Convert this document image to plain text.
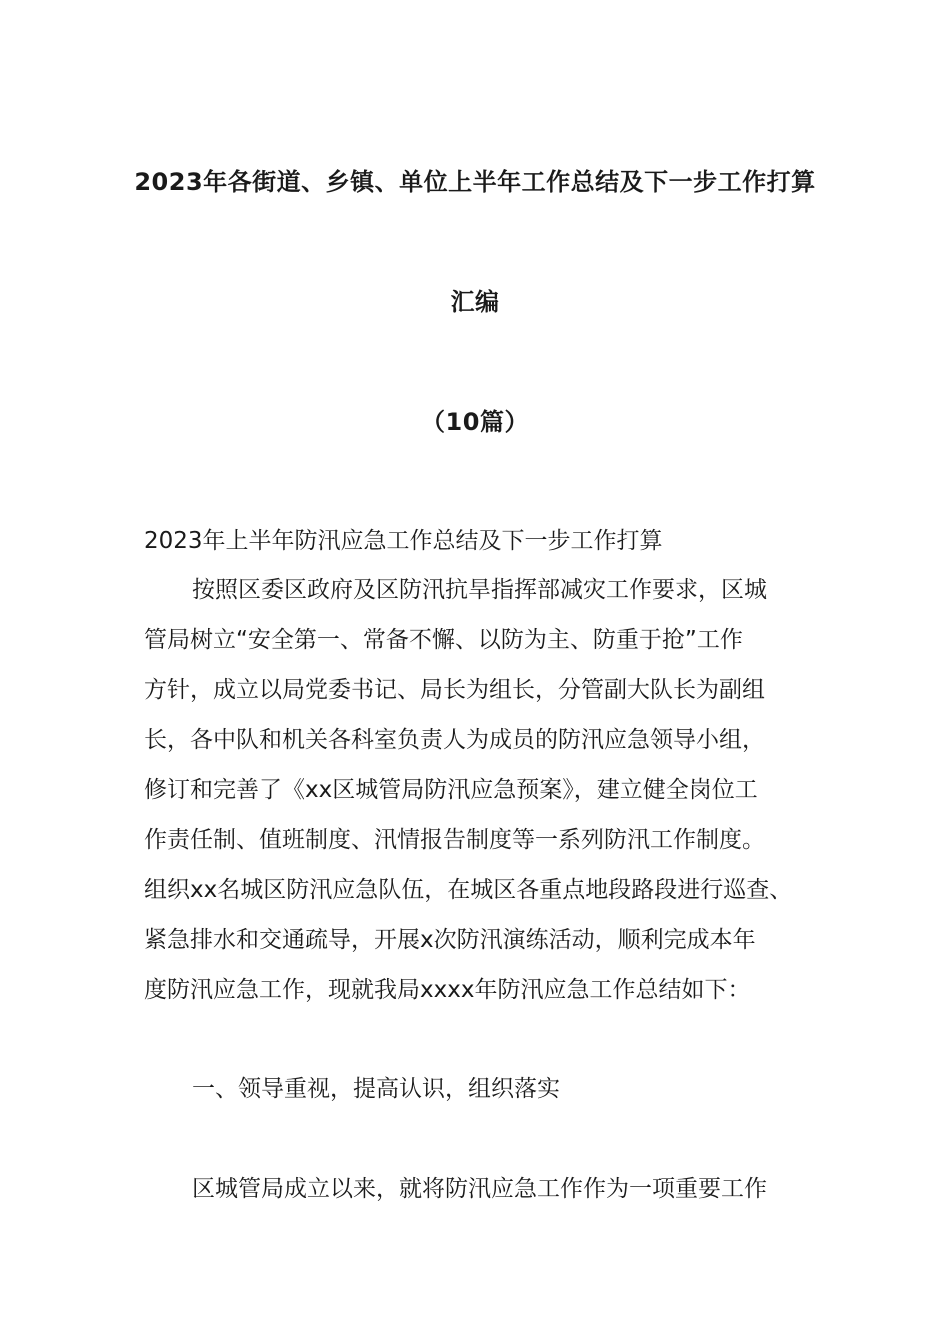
2023年各街道、乡镇、单位上半年工作总结及下一步工作打算
汇编
（10篇）
2023年上半年防汛应急工作总结及下一步工作打算
按照区委区政府及区防汛抗旱指挥部减灾工作要求，区城
管局树立“安全第一、常备不懈、以防为主、防重于抢”工作
方针，成立以局党委书记、局长为组长，分管副大队长为副组
长，各中队和机关各科室负责人为成员的防汛应急领导小组，
修订和完善了《xx区城管局防汛应急预案》，建立健全岗位工
作责任制、值班制度、汛情报告制度等一系列防汛工作制度。
组织xx名城区防汛应急队伍，在城区各重点地段路段进行巡查、
紧急排水和交通疏导，开展x次防汛演练活动，顺利完成本年
度防汛应急工作，现就我局xxxx年防汛应急工作总结如下：
一、领导重视，提高认识，组织落实
区城管局成立以来，就将防汛应急工作作为一项重要工作
